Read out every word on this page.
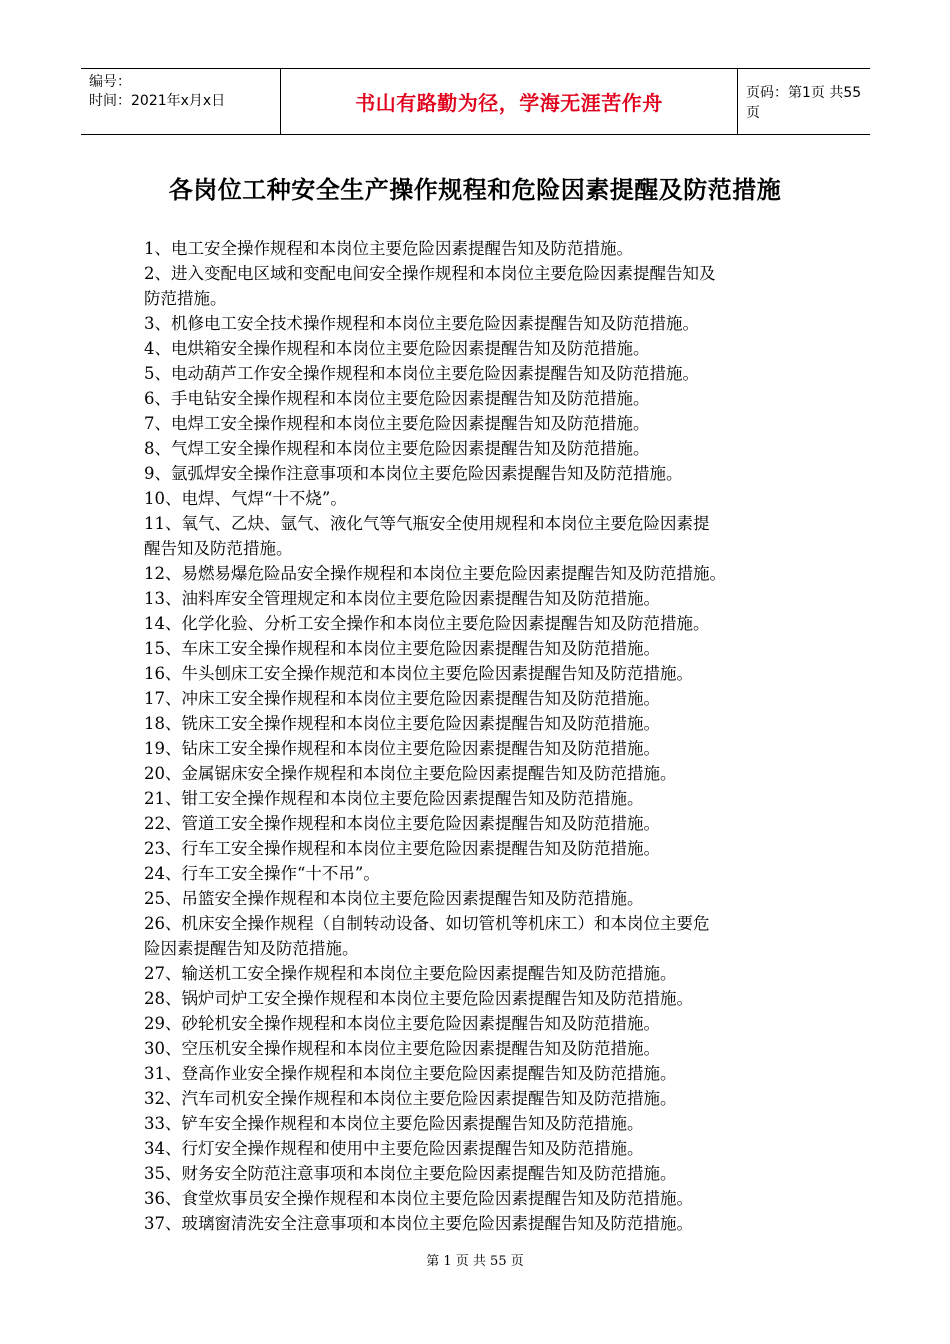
编号：
时间：2021年x月x日	书山有路勤为径，学海无涯苦作舟	页码：第1页 共55页
各岗位工种安全生产操作规程和危险因素提醒及防范措施
1、电工安全操作规程和本岗位主要危险因素提醒告知及防范措施。
2、进入变配电区域和变配电间安全操作规程和本岗位主要危险因素提醒告知及
防范措施。
3、机修电工安全技术操作规程和本岗位主要危险因素提醒告知及防范措施。
4、电烘箱安全操作规程和本岗位主要危险因素提醒告知及防范措施。
5、电动葫芦工作安全操作规程和本岗位主要危险因素提醒告知及防范措施。
6、手电钻安全操作规程和本岗位主要危险因素提醒告知及防范措施。
7、电焊工安全操作规程和本岗位主要危险因素提醒告知及防范措施。
8、气焊工安全操作规程和本岗位主要危险因素提醒告知及防范措施。
9、氩弧焊安全操作注意事项和本岗位主要危险因素提醒告知及防范措施。
10、电焊、气焊“十不烧”。
11、氧气、乙炔、氩气、液化气等气瓶安全使用规程和本岗位主要危险因素提
醒告知及防范措施。
12、易燃易爆危险品安全操作规程和本岗位主要危险因素提醒告知及防范措施。
13、油料库安全管理规定和本岗位主要危险因素提醒告知及防范措施。
14、化学化验、分析工安全操作和本岗位主要危险因素提醒告知及防范措施。
15、车床工安全操作规程和本岗位主要危险因素提醒告知及防范措施。
16、牛头刨床工安全操作规范和本岗位主要危险因素提醒告知及防范措施。
17、冲床工安全操作规程和本岗位主要危险因素提醒告知及防范措施。
18、铣床工安全操作规程和本岗位主要危险因素提醒告知及防范措施。
19、钻床工安全操作规程和本岗位主要危险因素提醒告知及防范措施。
20、金属锯床安全操作规程和本岗位主要危险因素提醒告知及防范措施。
21、钳工安全操作规程和本岗位主要危险因素提醒告知及防范措施。
22、管道工安全操作规程和本岗位主要危险因素提醒告知及防范措施。
23、行车工安全操作规程和本岗位主要危险因素提醒告知及防范措施。
24、行车工安全操作“十不吊”。
25、吊篮安全操作规程和本岗位主要危险因素提醒告知及防范措施。
26、机床安全操作规程（自制转动设备、如切管机等机床工）和本岗位主要危
险因素提醒告知及防范措施。
27、输送机工安全操作规程和本岗位主要危险因素提醒告知及防范措施。
28、锅炉司炉工安全操作规程和本岗位主要危险因素提醒告知及防范措施。
29、砂轮机安全操作规程和本岗位主要危险因素提醒告知及防范措施。
30、空压机安全操作规程和本岗位主要危险因素提醒告知及防范措施。
31、登高作业安全操作规程和本岗位主要危险因素提醒告知及防范措施。
32、汽车司机安全操作规程和本岗位主要危险因素提醒告知及防范措施。
33、铲车安全操作规程和本岗位主要危险因素提醒告知及防范措施。
34、行灯安全操作规程和使用中主要危险因素提醒告知及防范措施。
35、财务安全防范注意事项和本岗位主要危险因素提醒告知及防范措施。
36、食堂炊事员安全操作规程和本岗位主要危险因素提醒告知及防范措施。
37、玻璃窗清洗安全注意事项和本岗位主要危险因素提醒告知及防范措施。
第 1 页 共 55 页
